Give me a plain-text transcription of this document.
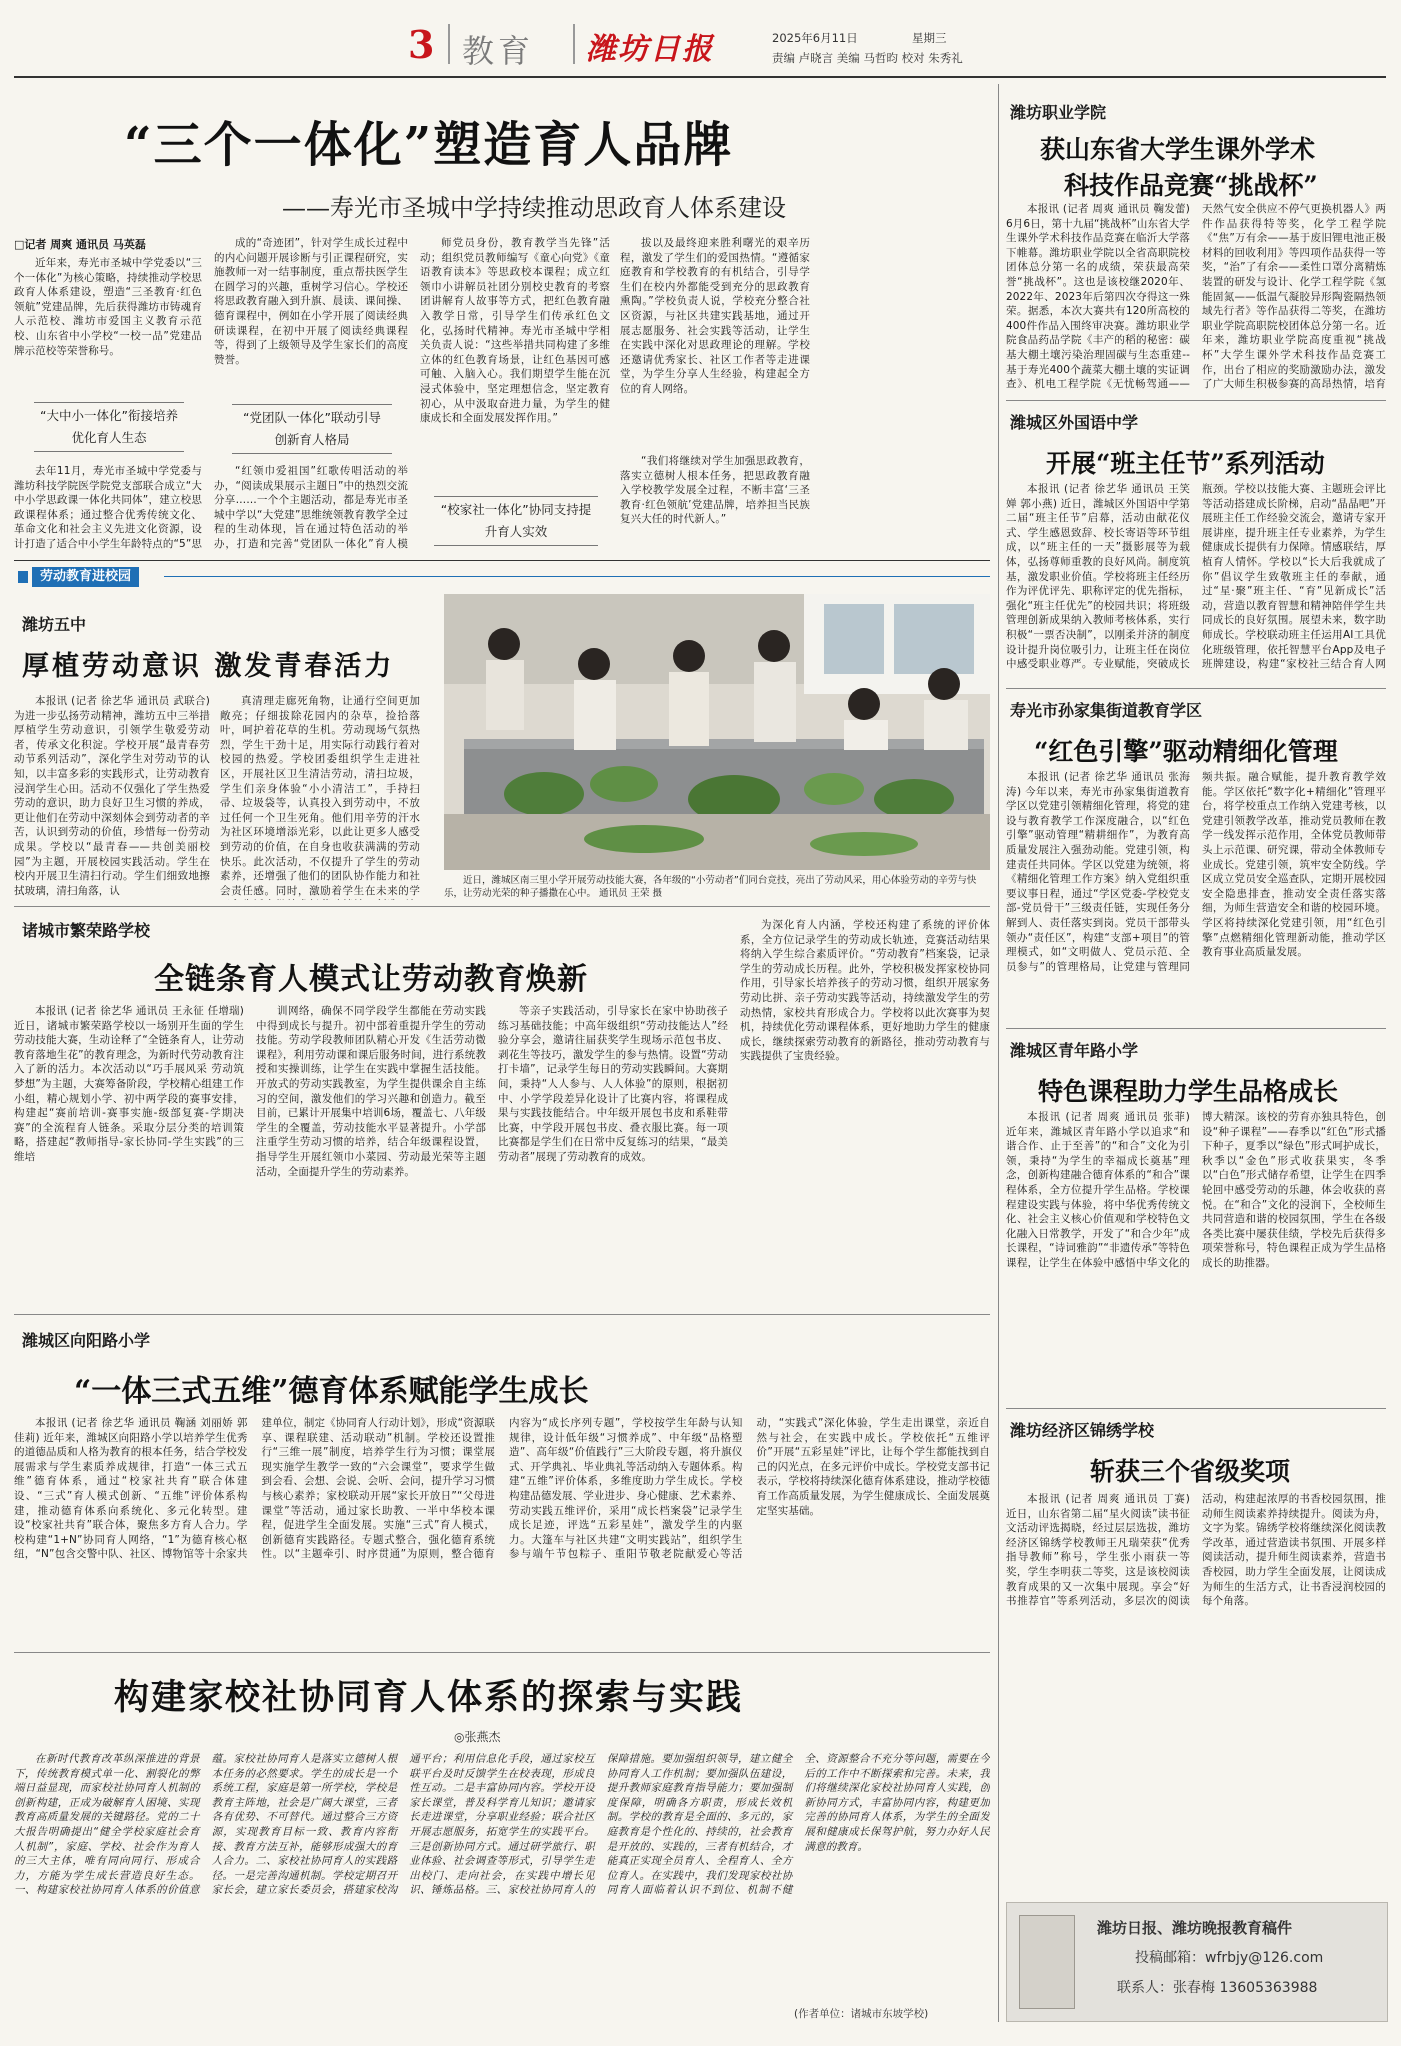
3 教育 潍坊日报	2025年6月11日	星期三
责编 卢晓言 美编 马哲昀 校对 朱秀礼
“三个一体化”塑造育人品牌
——寿光市圣城中学持续推动思政育人体系建设
□记者 周爽 通讯员 马英磊

近年来，寿光市圣城中学党委以“三个一体化”为核心策略，持续推动学校思政育人体系建设，塑造“三圣教育·红色领航”党建品牌，先后获得潍坊市铸魂育人示范校、潍坊市爱国主义教育示范校、山东省中小学校“一校一品”党建品牌示范校等荣誉称号。

“大中小一体化”衔接培养优化育人生态

去年11月，寿光市圣城中学党委与潍坊科技学院医学院党支部联合成立“大中小学思政课一体化共同体”，建立校思政课程体系；通过整合优秀传统文化、革命文化和社会主义先进文化资源，设计打造了适合中小学生年龄特点的“5”思

成的“奇迹团”，针对学生成长过程中的内心问题开展诊断与引正课程研究，实施教师一对一结事制度，重点帮扶医学生在圆学习的兴趣，重树学习信心。学校还将思政教育融入到升旗、晨读、课间操、德育课程中，例如在小学开展了阅读经典研读课程，在初中开展了阅读经典课程等，得到了上级领导及学生家长们的高度赞誉。

“党团队一体化”联动引导创新育人格局

“红领巾爱祖国”红歌传唱活动的举办，“阅读成果展示主题日”中的热烈交流分享……一个个主题活动，都是寿光市圣城中学以“大党建”思维统领教育教学全过程的生动体现，旨在通过特色活动的举办，打造和完善“党团队一体化”育人模

师党员身份，教育教学当先锋”活动；组织党员教师编写《童心向党》《童语教育读本》等思政校本课程；成立红领巾小讲解员社团分别校史教育的考察团讲解育人故事等方式，把红色教育融入教学日常，引导学生们传承红色文化，弘扬时代精神。寿光市圣城中学相关负责人说：“这些举措共同构建了多维立体的红色教育场景，让红色基因可感可触、入脑入心。我们期望学生能在沉浸式体验中，坚定理想信念，坚定教育初心，从中汲取奋进力量，为学生的健康成长和全面发展发挥作用。”

“校家社一体化”协同支持提升育人实效

拔以及最终迎来胜利曙光的艰辛历程，激发了学生们的爱国热情。“遵循家庭教育和学校教育的有机结合，引导学生们在校内外都能受到充分的思政教育熏陶。”学校负责人说，学校充分整合社区资源，与社区共建实践基地，通过开展志愿服务、社会实践等活动，让学生在实践中深化对思政理论的理解。学校还邀请优秀家长、社区工作者等走进课堂，为学生分享人生经验，构建起全方位的育人网络。

“我们将继续对学生加强思政教育，落实立德树人根本任务，把思政教育融入学校教学发展全过程，不断丰富‘三圣教育·红色领航’党建品牌，培养担当民族复兴大任的时代新人。”

劳动教育进校园
潍坊五中
厚植劳动意识 激发青春活力

本报讯 (记者 徐艺华 通讯员 武联合) 为进一步弘扬劳动精神，潍坊五中三举措厚植学生劳动意识，引领学生敬爱劳动者，传承文化积淀。学校开展“最青春劳动节系列活动”，深化学生对劳动节的认知，以丰富多彩的实践形式，让劳动教育浸润学生心田。活动不仅强化了学生热爱劳动的意识，助力良好卫生习惯的养成，更让他们在劳动中深刻体会到劳动者的辛苦，认识到劳动的价值，珍惜每一份劳动成果。学校以“最青春——共创美丽校园”为主题，开展校园实践活动。学生在校内开展卫生清扫行动。学生们细致地擦拭玻璃，清扫角落，认

真清理走廊死角物，让通行空间更加敞亮；仔细拔除花园内的杂草，捡拾落叶，呵护着花草的生机。劳动现场气氛热烈，学生干劲十足，用实际行动践行着对校园的热爱。学校团委组织学生走进社区，开展社区卫生清洁劳动，清扫垃圾，学生们亲身体验“小小清洁工”，手持扫帚、垃圾袋等，认真投入到劳动中，不放过任何一个卫生死角。他们用辛劳的汗水为社区环境增添光彩，以此让更多人感受到劳动的价值，在自身也收获满满的劳动快乐。此次活动，不仅提升了学生的劳动素养，还增强了他们的团队协作能力和社会责任感。同时，激励着学生在未来的学

近日，潍城区南三里小学开展劳动技能大赛，各年级的“小劳动者”们同台竞技，亮出了劳动风采，用心体验劳动的辛劳与快乐，让劳动光荣的种子播撒在心中。 通讯员 王荣 摄
诸城市繁荣路学校
全链条育人模式让劳动教育焕新

本报讯 (记者 徐艺华 通讯员 王永征 任增瑞) 近日，诸城市繁荣路学校以一场别开生面的学生劳动技能大赛，生动诠释了“全链条育人，让劳动教育落地生花”的教育理念，为新时代劳动教育注入了新的活力。本次活动以“巧手展风采 劳动筑梦想”为主题，大赛筹备阶段，学校精心组建工作小组，精心规划小学、初中两学段的赛事安排，构建起“赛前培训-赛事实施-级部复赛-学期决赛”的全流程育人链条。采取分层分类的培训策略，搭建起“教师指导-家长协同-学生实践”的三维培

训网络，确保不同学段学生都能在劳动实践中得到成长与提升。初中部着重提升学生的劳动技能。劳动学段教师团队精心开发《生活劳动微课程》，利用劳动课和课后服务时间，进行系统教授和实操训练，让学生在实践中掌握生活技能。开放式的劳动实践教室，为学生提供课余自主练习的空间，激发他们的学习兴趣和创造力。截至目前，已累计开展集中培训6场，覆盖七、八年级学生的全覆盖，劳动技能水平显著提升。小学部注重学生劳动习惯的培养，结合年级课程设置，指导学生开展红领巾小菜园、劳动最光荣等主题活动，全面提升学生的劳动素养。

等亲子实践活动，引导家长在家中协助孩子练习基础技能；中高年级组织“劳动技能达人”经验分享会，邀请往届获奖学生现场示范包书皮、剥花生等技巧，激发学生的参与热情。设置“劳动打卡墙”，记录学生每日的劳动实践瞬间。大赛期间，秉持“人人参与、人人体验”的原则，根据初中、小学学段差异化设计了比赛内容，将课程成果与实践技能结合。中年级开展包书皮和系鞋带比赛，中学段开展包书皮、叠衣服比赛。每一项比赛都是学生们在日常中反复练习的结果，“最美劳动者”展现了劳动教育的成效。

为深化育人内涵，学校还构建了系统的评价体系，全方位记录学生的劳动成长轨迹，竞赛活动结果将纳入学生综合素质评价。“劳动教育”档案袋，记录学生的劳动成长历程。此外，学校积极发挥家校协同作用，引导家长培养孩子的劳动习惯，组织开展家务劳动比拼、亲子劳动实践等活动，持续激发学生的劳动热情，家校共育形成合力。学校将以此次赛事为契机，持续优化劳动课程体系，更好地助力学生的健康成长，继续探索劳动教育的新路径，推动劳动教育与实践提供了宝贵经验。

潍城区向阳路小学
“一体三式五维”德育体系赋能学生成长

本报讯 (记者 徐艺华 通讯员 鞠涵 刘丽娇 郭佳莉) 近年来，潍城区向阳路小学以培养学生优秀的道德品质和人格为教育的根本任务，结合学校发展需求与学生素质养成规律，打造“一体三式五维”德育体系，通过“校家社共育”联合体建设、“三式”育人模式创新、“五维”评价体系构建，推动德育体系向系统化、多元化转型。建设“校家社共育”联合体，聚焦多方育人合力。学校构建“1+N”协同育人网络，“1”为德育核心枢纽，“N”包含交警中队、社区、博物馆等十余家共建单位，制定《协同育人行动计划》，形成“资源联享、课程联建、活动联动”机制。学校还设置推行“三维一展”制度，培养学生行为习惯；课堂展现实施学生教学一致的“六会课堂”，要求学生做到会看、会想、会说、会听、会问，提升学习习惯与核心素养；家校联动开展“家长开放日”“父母进课堂”等活动，通过家长助教、一半中华校本课程，促进学生全面发展。实施“三式”育人模式，创新德育实践路径。专题式整合，强化德育系统性。以“主题牵引、时序贯通”为原则，整合德育内容为“成长序列专题”，学校按学生年龄与认知规律，设计低年级“习惯养成”、中年级“品格塑造”、高年级“价值践行”三大阶段专题，将升旗仪式、开学典礼、毕业典礼等活动纳入专题体系。构建“五维”评价体系，多维度助力学生成长。学校构建品德发展、学业进步、身心健康、艺术素养、劳动实践五维评价，采用“成长档案袋”记录学生成长足迹，评选“五彩星娃”，激发学生的内驱力。大篷车与社区共建“文明实践站”，组织学生参与端午节包粽子、重阳节敬老院献爱心等活动，“实践式”深化体验，学生走出课堂，亲近自然与社会，在实践中成长。学校依托“五维评价”开展“五彩星娃”评比，让每个学生都能找到自己的闪光点，在多元评价中成长。学校党支部书记表示，学校将持续深化德育体系建设，推动学校德育工作高质量发展，为学生健康成长、全面发展奠定坚实基础。

构建家校社协同育人体系的探索与实践
◎张燕杰

在新时代教育改革纵深推进的背景下，传统教育模式单一化、割裂化的弊端日益显现，而家校社协同育人机制的创新构建，正成为破解育人困境、实现教育高质量发展的关键路径。党的二十大报告明确提出“健全学校家庭社会育人机制”，家庭、学校、社会作为育人的三大主体，唯有同向同行、形成合力，方能为学生成长营造良好生态。一、构建家校社协同育人体系的价值意蕴。家校社协同育人是落实立德树人根本任务的必然要求。学生的成长是一个系统工程，家庭是第一所学校，学校是教育主阵地，社会是广阔大课堂，三者各有优势、不可替代。通过整合三方资源，实现教育目标一致、教育内容衔接、教育方法互补，能够形成强大的育人合力。二、家校社协同育人的实践路径。一是完善沟通机制。学校定期召开家长会，建立家长委员会，搭建家校沟通平台；利用信息化手段，通过家校互联平台及时反馈学生在校表现，形成良性互动。二是丰富协同内容。学校开设家长课堂，普及科学育儿知识；邀请家长走进课堂，分享职业经验；联合社区开展志愿服务，拓宽学生的实践平台。三是创新协同方式。通过研学旅行、职业体验、社会调查等形式，引导学生走出校门、走向社会，在实践中增长见识、锤炼品格。三、家校社协同育人的保障措施。要加强组织领导，建立健全协同育人工作机制；要加强队伍建设，提升教师家庭教育指导能力；要加强制度保障，明确各方职责，形成长效机制。学校的教育是全面的、多元的，家庭教育是个性化的、持续的，社会教育是开放的、实践的，三者有机结合，才能真正实现全员育人、全程育人、全方位育人。在实践中，我们发现家校社协同育人面临着认识不到位、机制不健全、资源整合不充分等问题，需要在今后的工作中不断探索和完善。未来，我们将继续深化家校社协同育人实践，创新协同方式，丰富协同内容，构建更加完善的协同育人体系，为学生的全面发展和健康成长保驾护航，努力办好人民满意的教育。

(作者单位：诸城市东坡学校)
潍坊职业学院
获山东省大学生课外学术
科技作品竞赛“挑战杯”

本报讯 (记者 周爽 通讯员 鞠发蕾) 6月6日，第十九届“挑战杯”山东省大学生课外学术科技作品竞赛在临沂大学落下帷幕。潍坊职业学院以全省高职院校团体总分第一名的成绩，荣获最高荣誉“挑战杯”。这也是该校继2020年、2022年、2023年后第四次夺得这一殊荣。据悉，本次大赛共有120所高校的400件作品入围终审决赛。潍坊职业学院食品药品学院《丰产的稻的秘密：碳基大棚土壤污染治理固碳与生态重建--基于寿光400个蔬菜大棚土壤的实证调查》、机电工程学院《无忧畅驾通——天然气安全供应不停气更换机器人》两件作品获得特等奖，化学工程学院《“焦”万有余——基于废旧锂电池正极材料的回收利用》等四项作品获得一等奖，“治”了有余——柔性口罩分离精炼装置的研发与设计、化学工程学院《氢能固氮——低温气凝胶异形陶瓷隔热领域先行者》等作品获得二等奖，在潍坊职业学院高职院校团体总分第一名。近年来，潍坊职业学院高度重视“挑战杯”大学生课外学术科技作品竞赛工作，出台了相应的奖励激励办法，激发了广大师生积极参赛的高昂热情，培育

潍城区外国语中学
开展“班主任节”系列活动

本报讯 (记者 徐艺华 通讯员 王笑婵 郭小燕) 近日，潍城区外国语中学第二届“班主任节”启幕，活动由献花仪式、学生感恩致辞、校长寄语等环节组成，以“班主任的一天”摄影展等为载体，弘扬尊师重教的良好风尚。制度筑基，激发职业价值。学校将班主任经历作为评优评先、职称评定的优先指标，强化“班主任优先”的校园共识；将班级管理创新成果纳入教师考核体系，实行积极“一票否决制”，以刚柔并济的制度设计提升岗位吸引力，让班主任在岗位中感受职业尊严。专业赋能，突破成长瓶颈。学校以技能大赛、主题班会评比等活动搭建成长阶梯，启动“晶晶吧”开展班主任工作经验交流会，邀请专家开展讲座，提升班主任专业素养，为学生健康成长提供有力保障。情感联结，厚植育人情怀。学校以“长大后我就成了你”倡议学生致敬班主任的奉献，通过“星·聚”班主任、“育”见新成长”活动，营造以教育智慧和精神陪伴学生共同成长的良好氛围。展望未来，数字助师成长。学校联动班主任运用AI工具优化班级管理，依托智慧平台App及电子班牌建设，构建“家校社三结合育人网

寿光市孙家集街道教育学区
“红色引擎”驱动精细化管理

本报讯 (记者 徐艺华 通讯员 张海涛) 今年以来，寿光市孙家集街道教育学区以党建引领精细化管理，将党的建设与教育教学工作深度融合，以“红色引擎”驱动管理“精耕细作”，为教育高质量发展注入强劲动能。党建引领，构建责任共同体。学区以党建为统领，将《精细化管理工作方案》纳入党组织重要议事日程，通过“学区党委-学校党支部-党员骨干”三级责任链，实现任务分解到人、责任落实到岗。党员干部带头领办“责任区”，构建“支部+项目”的管理模式，如“文明做人、党员示范、全员参与”的管理格局，让党建与管理同频共振。融合赋能，提升教育教学效能。学区依托“数字化+精细化”管理平台，将学校重点工作纳入党建考核，以党建引领教学改革，推动党员教师在教学一线发挥示范作用，全体党员教师带头上示范课、研究课，带动全体教师专业成长。党建引领，筑牢安全防线。学区成立党员安全巡查队，定期开展校园安全隐患排查，推动安全责任落实落细，为师生营造安全和谐的校园环境。学区将持续深化党建引领，用“红色引擎”点燃精细化管理新动能，推动学区教育事业高质量发展。

潍城区青年路小学
特色课程助力学生品格成长

本报讯 (记者 周爽 通讯员 张菲) 近年来，潍城区青年路小学以追求“和谐合作、止于至善”的“和合”文化为引领，秉持“为学生的幸福成长奠基”理念，创新构建融合德育体系的“和合”课程体系，全方位提升学生品格。学校课程建设实践与体验，将中华优秀传统文化、社会主义核心价值观和学校特色文化融入日常教学，开发了“和合少年”成长课程，“诗词雅韵”“非遗传承”等特色课程，让学生在体验中感悟中华文化的博大精深。该校的劳育亦独具特色，创设“种子课程”——春季以“红色”形式播下种子，夏季以“绿色”形式呵护成长，秋季以“金色”形式收获果实，冬季以“白色”形式储存希望，让学生在四季轮回中感受劳动的乐趣，体会收获的喜悦。在“和合”文化的浸润下，全校师生共同营造和谐的校园氛围，学生在各级各类比赛中屡获佳绩，学校先后获得多项荣誉称号，特色课程正成为学生品格成长的助推器。

潍坊经济区锦绣学校
斩获三个省级奖项

本报讯 (记者 周爽 通讯员 丁赛) 近日，山东省第二届“星火阅读”读书征文活动评选揭晓，经过层层选拔，潍坊经济区锦绣学校教师王凡瑞荣获“优秀指导教师”称号，学生张小雨获一等奖，学生李明获二等奖，这是该校阅读教育成果的又一次集中展现。享会“好书推荐官”等系列活动，多层次的阅读活动，构建起浓厚的书香校园氛围，推动师生阅读素养持续提升。阅读为舟，文字为桨。锦绣学校将继续深化阅读教学改革，通过营造读书氛围、开展多样阅读活动，提升师生阅读素养，营造书香校园，助力学生全面发展，让阅读成为师生的生活方式，让书香浸润校园的每个角落。

潍坊日报、潍坊晚报教育稿件
投稿邮箱：wfrbjy@126.com
联系人：张春梅 13605363988
